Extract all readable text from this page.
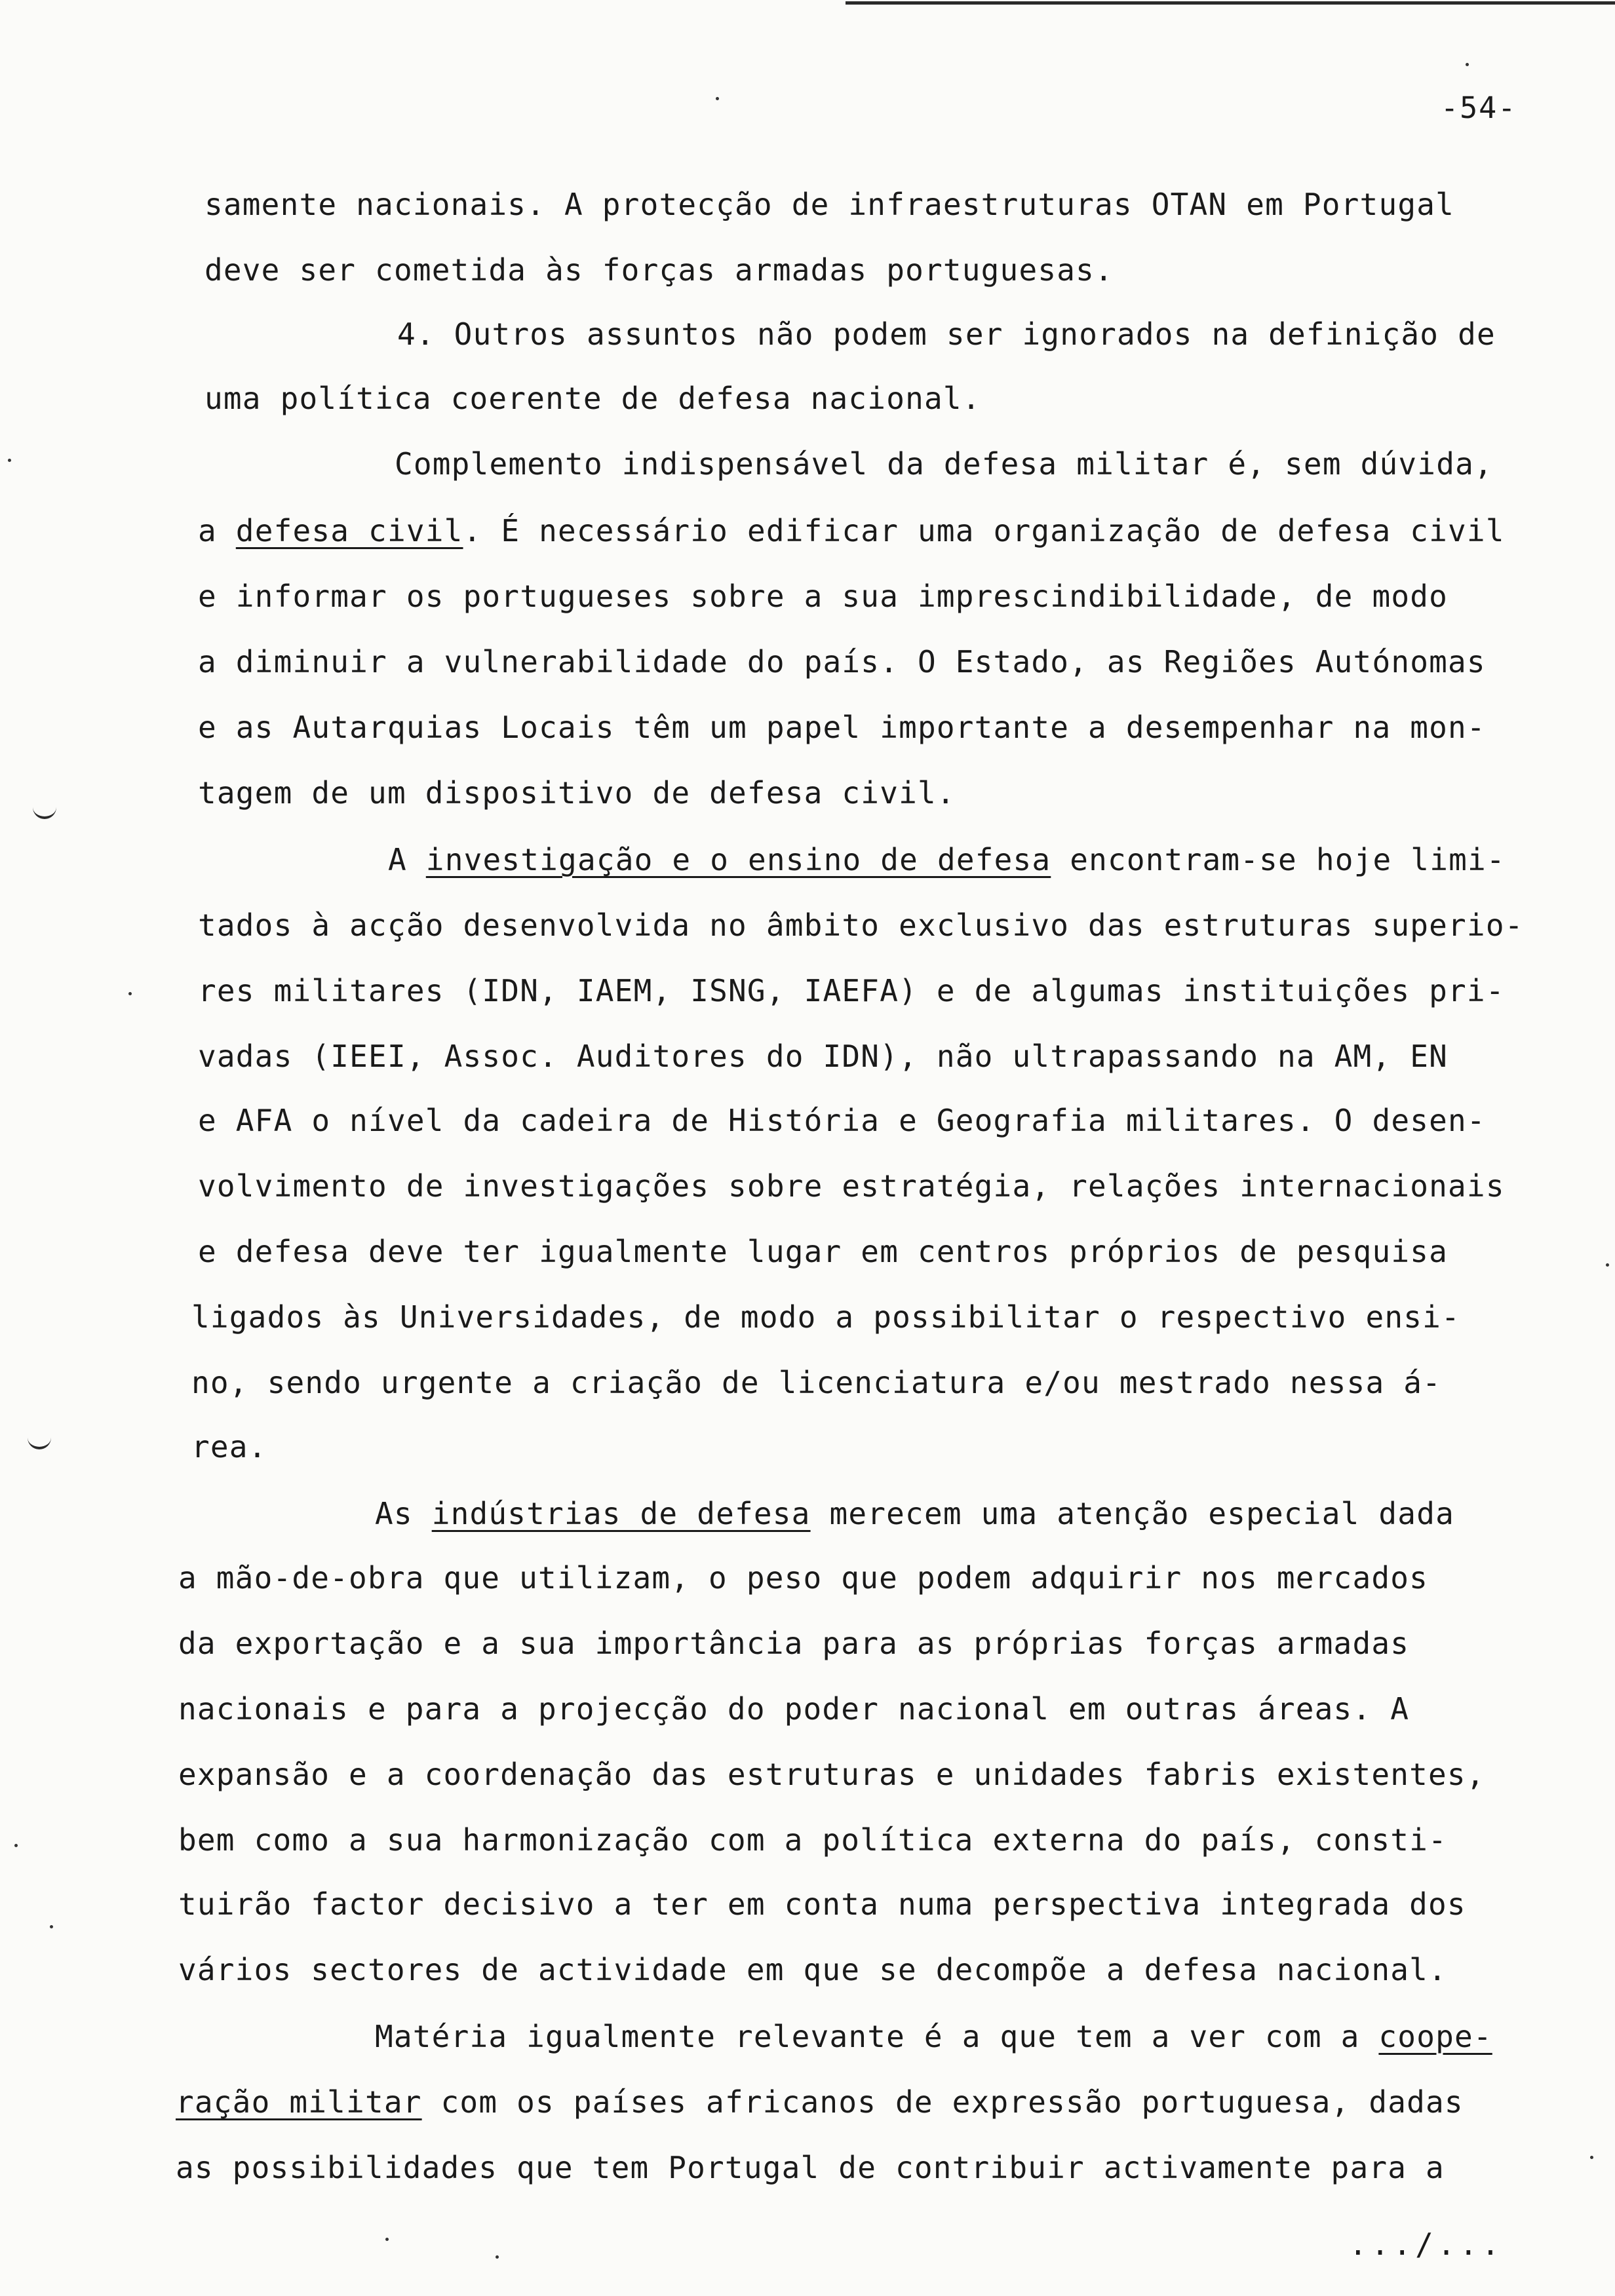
-54-
samente nacionais. A protecção de infraestruturas OTAN em Portugal
deve ser cometida às forças armadas portuguesas.
4. Outros assuntos não podem ser ignorados na definição de
uma política coerente de defesa nacional.
Complemento indispensável da defesa militar é, sem dúvida,
a defesa civil. É necessário edificar uma organização de defesa civil
e informar os portugueses sobre a sua imprescindibilidade, de modo
a diminuir a vulnerabilidade do país. O Estado, as Regiões Autónomas
e as Autarquias Locais têm um papel importante a desempenhar na mon-
tagem de um dispositivo de defesa civil.
A investigação e o ensino de defesa encontram-se hoje limi-
tados à acção desenvolvida no âmbito exclusivo das estruturas superio-
res militares (IDN, IAEM, ISNG, IAEFA) e de algumas instituições pri-
vadas (IEEI, Assoc. Auditores do IDN), não ultrapassando na AM, EN
e AFA o nível da cadeira de História e Geografia militares. O desen-
volvimento de investigações sobre estratégia, relações internacionais
e defesa deve ter igualmente lugar em centros próprios de pesquisa
ligados às Universidades, de modo a possibilitar o respectivo ensi-
no, sendo urgente a criação de licenciatura e/ou mestrado nessa á-
rea.
As indústrias de defesa merecem uma atenção especial dada
a mão-de-obra que utilizam, o peso que podem adquirir nos mercados
da exportação e a sua importância para as próprias forças armadas
nacionais e para a projecção do poder nacional em outras áreas. A
expansão e a coordenação das estruturas e unidades fabris existentes,
bem como a sua harmonização com a política externa do país, consti-
tuirão factor decisivo a ter em conta numa perspectiva integrada dos
vários sectores de actividade em que se decompõe a defesa nacional.
Matéria igualmente relevante é a que tem a ver com a coope-
ração militar com os países africanos de expressão portuguesa, dadas
as possibilidades que tem Portugal de contribuir activamente para a
.../...
